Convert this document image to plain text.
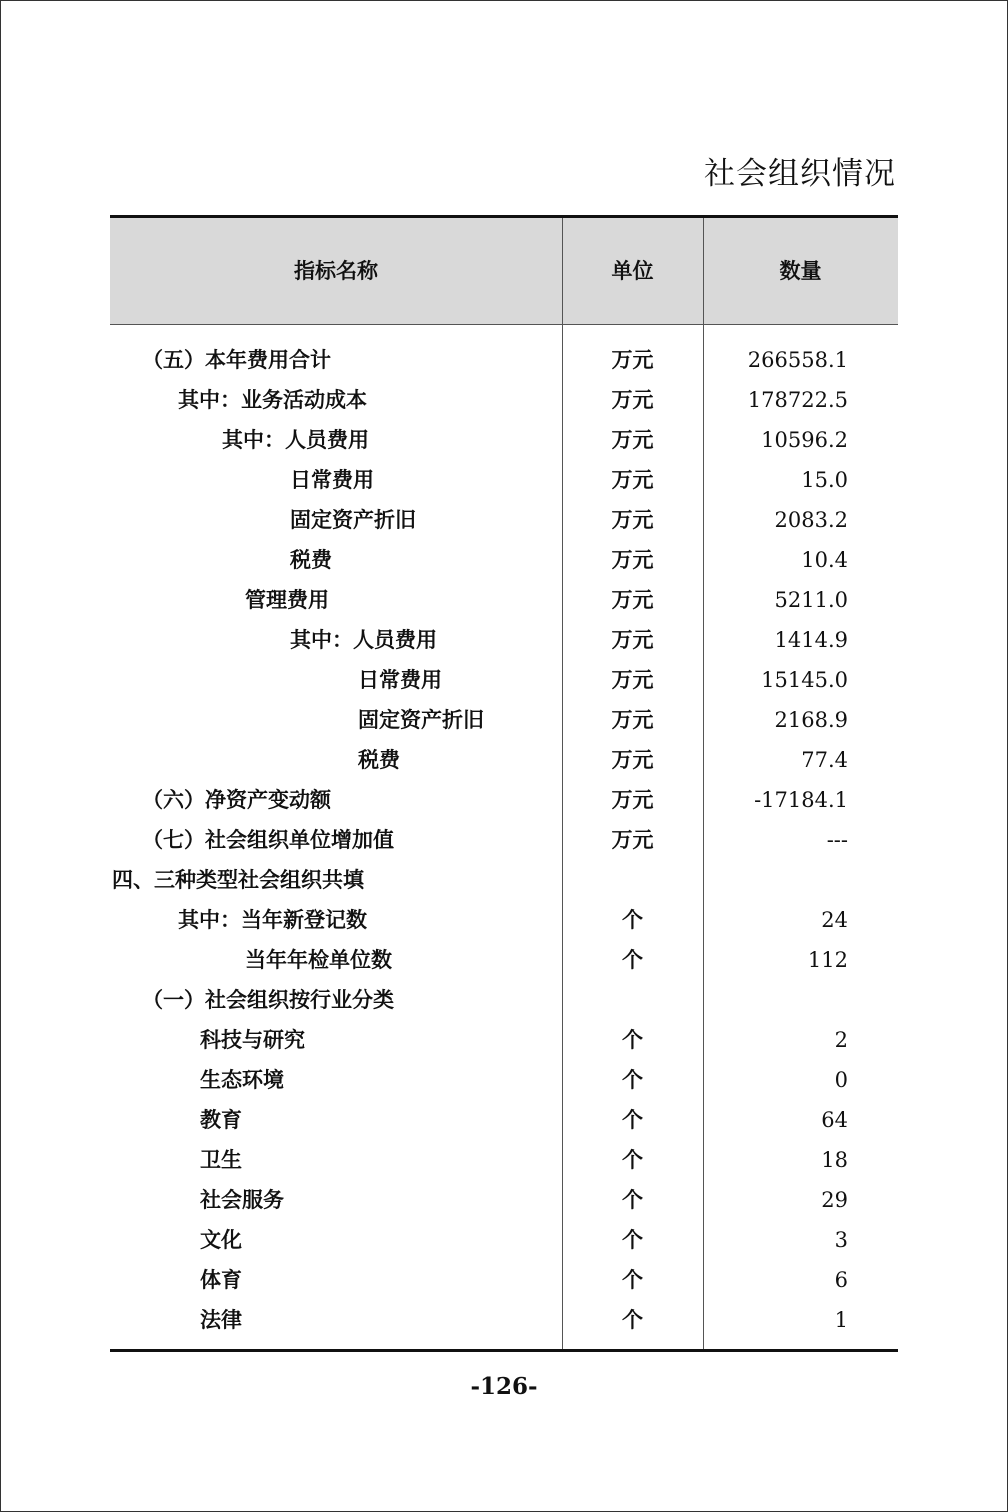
社会组织情况
指标名称	单位	数量
（五）本年费用合计	万元	266558.1
其中：业务活动成本	万元	178722.5
其中：人员费用	万元	10596.2
日常费用	万元	15.0
固定资产折旧	万元	2083.2
税费	万元	10.4
管理费用	万元	5211.0
其中：人员费用	万元	1414.9
日常费用	万元	15145.0
固定资产折旧	万元	2168.9
税费	万元	77.4
（六）净资产变动额	万元	-17184.1
（七）社会组织单位增加值	万元	---
四、三种类型社会组织共填
其中：当年新登记数	个	24
当年年检单位数	个	112
（一）社会组织按行业分类
科技与研究	个	2
生态环境	个	0
教育	个	64
卫生	个	18
社会服务	个	29
文化	个	3
体育	个	6
法律	个	1
-126-
